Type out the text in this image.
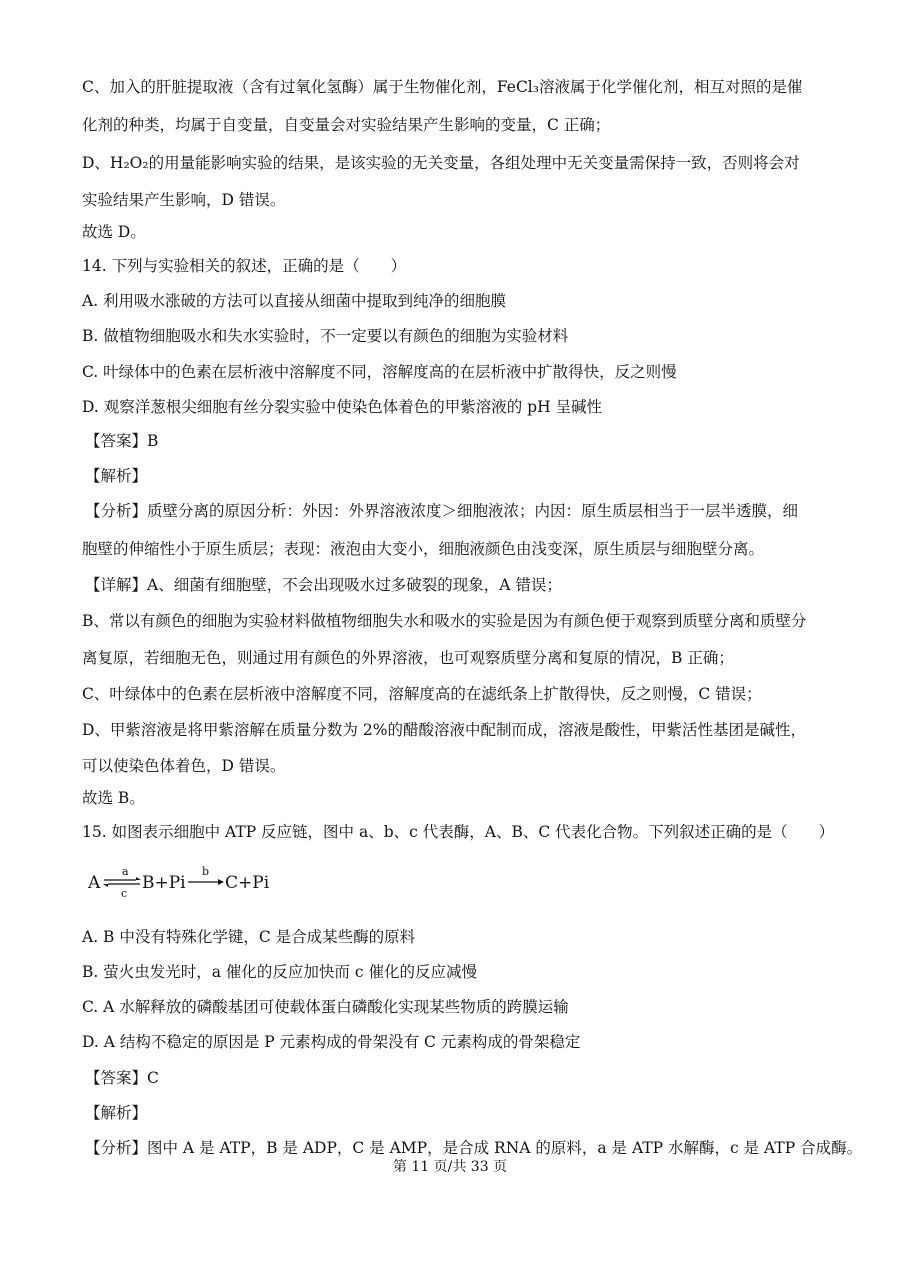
C、加入的肝脏提取液（含有过氧化氢酶）属于生物催化剂，FeCl₃溶液属于化学催化剂，相互对照的是催
化剂的种类，均属于自变量，自变量会对实验结果产生影响的变量，C 正确；
D、H₂O₂的用量能影响实验的结果，是该实验的无关变量，各组处理中无关变量需保持一致，否则将会对
实验结果产生影响，D 错误。
故选 D。
14. 下列与实验相关的叙述，正确的是（　　）
A. 利用吸水涨破的方法可以直接从细菌中提取到纯净的细胞膜
B. 做植物细胞吸水和失水实验时，不一定要以有颜色的细胞为实验材料
C. 叶绿体中的色素在层析液中溶解度不同，溶解度高的在层析液中扩散得快，反之则慢
D. 观察洋葱根尖细胞有丝分裂实验中使染色体着色的甲紫溶液的 pH 呈碱性
【答案】B
【解析】
【分析】质壁分离的原因分析：外因：外界溶液浓度＞细胞液浓；内因：原生质层相当于一层半透膜，细
胞壁的伸缩性小于原生质层；表现：液泡由大变小，细胞液颜色由浅变深，原生质层与细胞壁分离。
【详解】A、细菌有细胞壁，不会出现吸水过多破裂的现象，A 错误；
B、常以有颜色的细胞为实验材料做植物细胞失水和吸水的实验是因为有颜色便于观察到质壁分离和质壁分
离复原，若细胞无色，则通过用有颜色的外界溶液，也可观察质壁分离和复原的情况，B 正确；
C、叶绿体中的色素在层析液中溶解度不同，溶解度高的在滤纸条上扩散得快，反之则慢，C 错误；
D、甲紫溶液是将甲紫溶解在质量分数为 2%的醋酸溶液中配制而成，溶液是酸性，甲紫活性基团是碱性，
可以使染色体着色，D 错误。
故选 B。
15. 如图表示细胞中 ATP 反应链，图中 a、b、c 代表酶，A、B、C 代表化合物。下列叙述正确的是（　　）
A
a
c
B+Pi
b
C+Pi
A. B 中没有特殊化学键，C 是合成某些酶的原料
B. 萤火虫发光时，a 催化的反应加快而 c 催化的反应减慢
C. A 水解释放的磷酸基团可使载体蛋白磷酸化实现某些物质的跨膜运输
D. A 结构不稳定的原因是 P 元素构成的骨架没有 C 元素构成的骨架稳定
【答案】C
【解析】
【分析】图中 A 是 ATP，B 是 ADP，C 是 AMP，是合成 RNA 的原料，a 是 ATP 水解酶，c 是 ATP 合成酶。
第 11 页/共 33 页
